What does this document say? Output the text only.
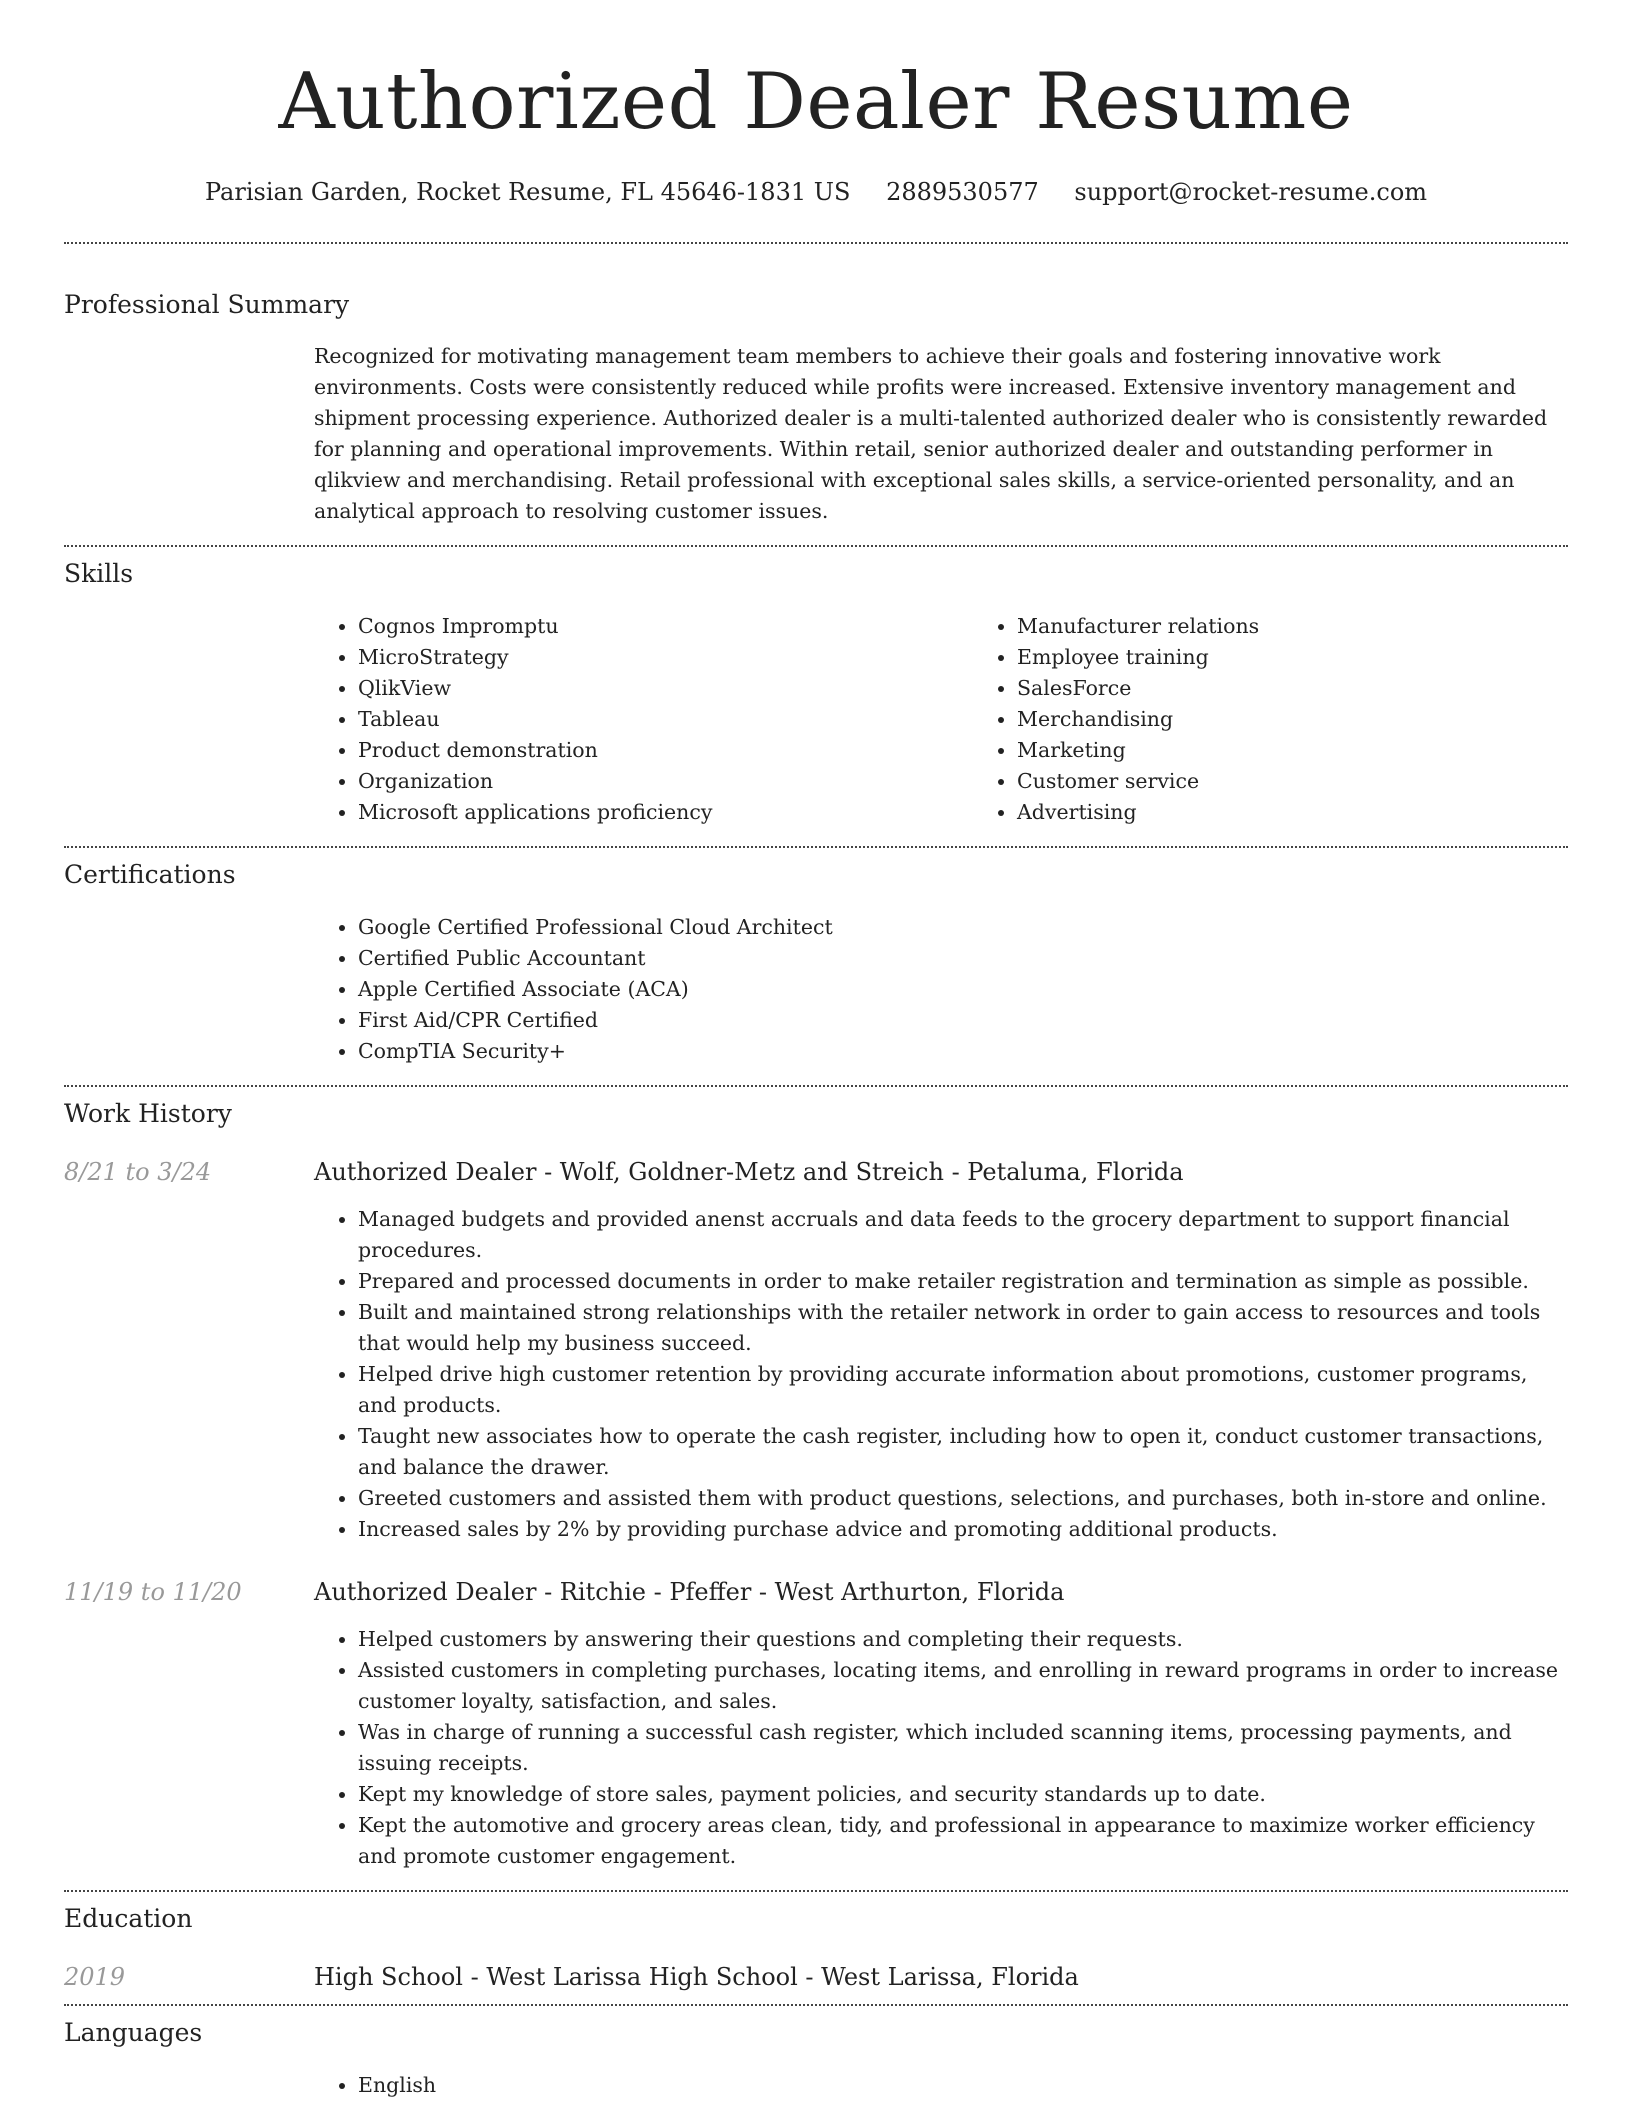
Authorized Dealer Resume
Parisian Garden, Rocket Resume, FL 45646-1831 US 2889530577 support@rocket-resume.com
Professional Summary

Recognized for motivating management team members to achieve their goals and fostering innovative work environments. Costs were consistently reduced while profits were increased. Extensive inventory management and shipment processing experience. Authorized dealer is a multi-talented authorized dealer who is consistently rewarded for planning and operational improvements. Within retail, senior authorized dealer and outstanding performer in qlikview and merchandising. Retail professional with exceptional sales skills, a service-oriented personality, and an analytical approach to resolving customer issues.

Skills
• Cognos Impromptu
• MicroStrategy
• QlikView
• Tableau
• Product demonstration
• Organization
• Microsoft applications proficiency
• Manufacturer relations
• Employee training
• SalesForce
• Merchandising
• Marketing
• Customer service
• Advertising
Certifications
• Google Certified Professional Cloud Architect
• Certified Public Accountant
• Apple Certified Associate (ACA)
• First Aid/CPR Certified
• CompTIA Security+
Work History
8/21 to 3/24	Authorized Dealer - Wolf, Goldner-Metz and Streich - Petaluma, Florida

• Managed budgets and provided anenst accruals and data feeds to the grocery department to support financial procedures.
• Prepared and processed documents in order to make retailer registration and termination as simple as possible.
• Built and maintained strong relationships with the retailer network in order to gain access to resources and tools that would help my business succeed.
• Helped drive high customer retention by providing accurate information about promotions, customer programs, and products.
• Taught new associates how to operate the cash register, including how to open it, conduct customer transactions, and balance the drawer.
• Greeted customers and assisted them with product questions, selections, and purchases, both in-store and online.
• Increased sales by 2% by providing purchase advice and promoting additional products.
11/19 to 11/20	Authorized Dealer - Ritchie - Pfeffer - West Arthurton, Florida

• Helped customers by answering their questions and completing their requests.
• Assisted customers in completing purchases, locating items, and enrolling in reward programs in order to increase customer loyalty, satisfaction, and sales.
• Was in charge of running a successful cash register, which included scanning items, processing payments, and issuing receipts.
• Kept my knowledge of store sales, payment policies, and security standards up to date.
• Kept the automotive and grocery areas clean, tidy, and professional in appearance to maximize worker efficiency and promote customer engagement.
Education
2019	High School - West Larissa High School - West Larissa, Florida

Languages
• English
